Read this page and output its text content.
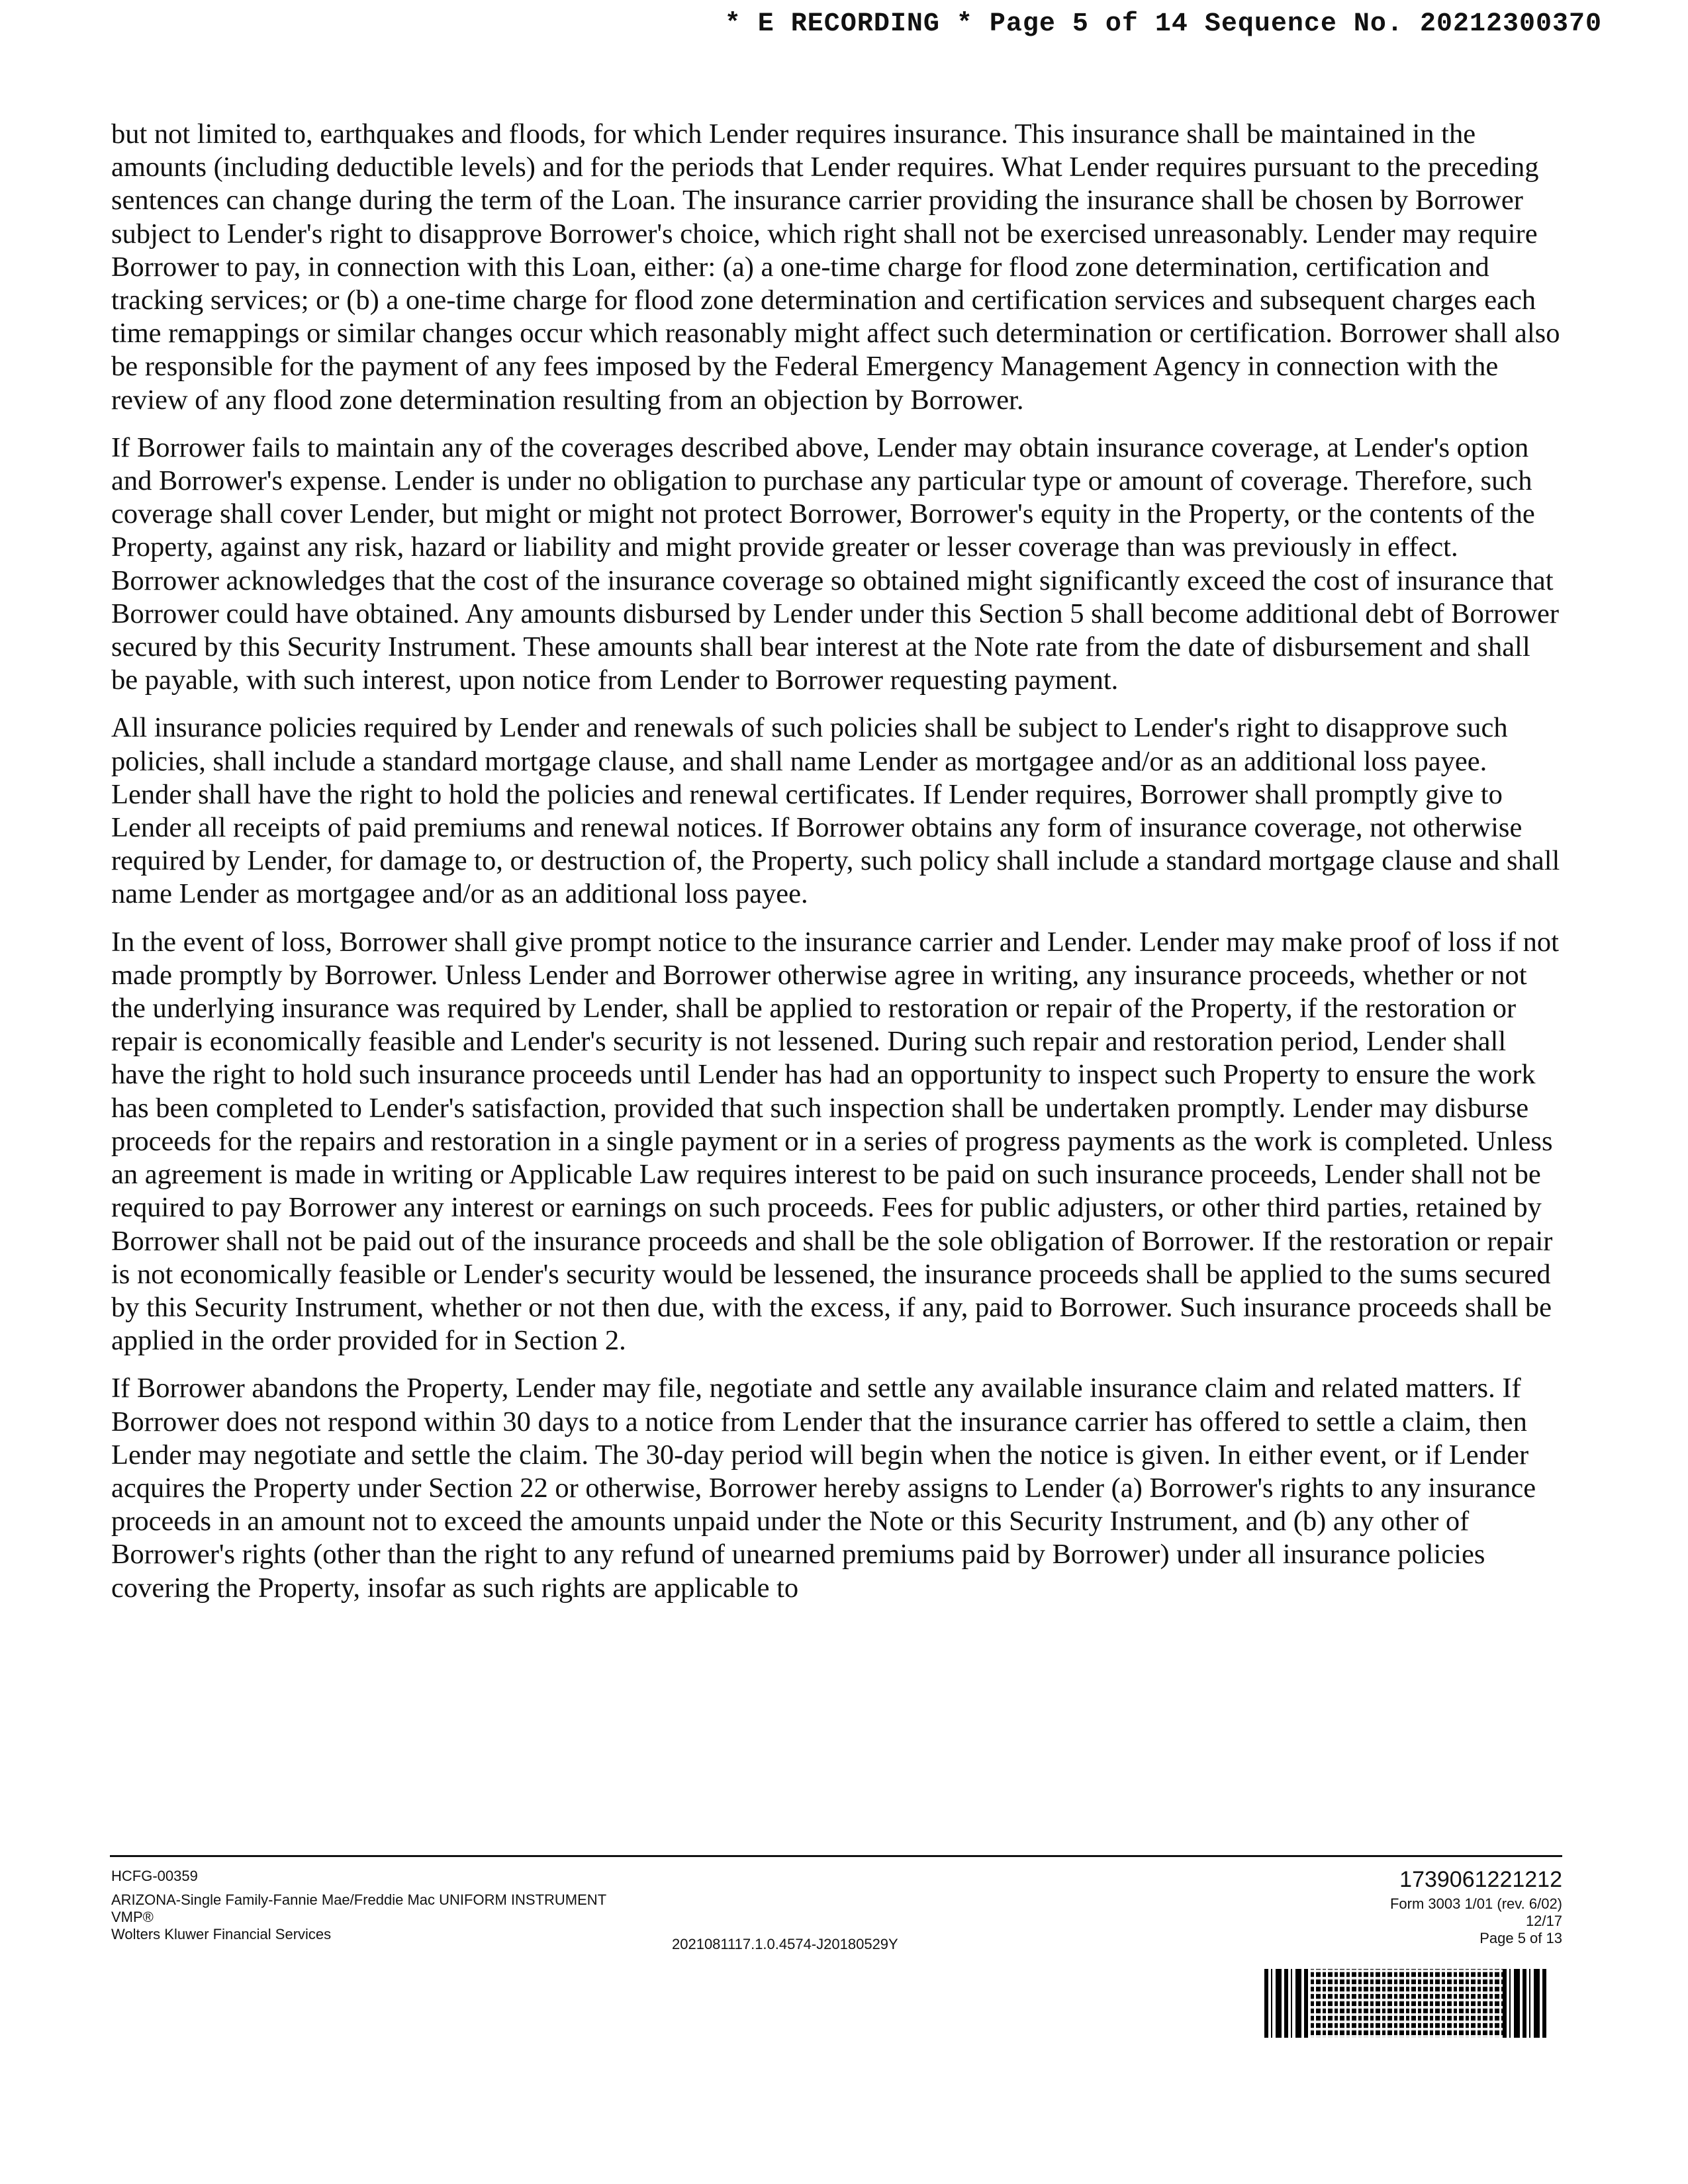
* E RECORDING * Page 5 of 14 Sequence No. 20212300370

but not limited to, earthquakes and floods, for which Lender requires insurance. This insurance shall be maintained in the amounts (including deductible levels) and for the periods that Lender requires. What Lender requires pursuant to the preceding sentences can change during the term of the Loan. The insurance carrier providing the insurance shall be chosen by Borrower subject to Lender's right to disapprove Borrower's choice, which right shall not be exercised unreasonably. Lender may require Borrower to pay, in connection with this Loan, either: (a) a one-time charge for flood zone determination, certification and tracking services; or (b) a one-time charge for flood zone determination and certification services and subsequent charges each time remappings or similar changes occur which reasonably might affect such determination or certification. Borrower shall also be responsible for the payment of any fees imposed by the Federal Emergency Management Agency in connection with the review of any flood zone determination resulting from an objection by Borrower.

If Borrower fails to maintain any of the coverages described above, Lender may obtain insurance coverage, at Lender's option and Borrower's expense. Lender is under no obligation to purchase any particular type or amount of coverage. Therefore, such coverage shall cover Lender, but might or might not protect Borrower, Borrower's equity in the Property, or the contents of the Property, against any risk, hazard or liability and might provide greater or lesser coverage than was previously in effect. Borrower acknowledges that the cost of the insurance coverage so obtained might significantly exceed the cost of insurance that Borrower could have obtained. Any amounts disbursed by Lender under this Section 5 shall become additional debt of Borrower secured by this Security Instrument. These amounts shall bear interest at the Note rate from the date of disbursement and shall be payable, with such interest, upon notice from Lender to Borrower requesting payment.

All insurance policies required by Lender and renewals of such policies shall be subject to Lender's right to disapprove such policies, shall include a standard mortgage clause, and shall name Lender as mortgagee and/or as an additional loss payee. Lender shall have the right to hold the policies and renewal certificates. If Lender requires, Borrower shall promptly give to Lender all receipts of paid premiums and renewal notices. If Borrower obtains any form of insurance coverage, not otherwise required by Lender, for damage to, or destruction of, the Property, such policy shall include a standard mortgage clause and shall name Lender as mortgagee and/or as an additional loss payee.

In the event of loss, Borrower shall give prompt notice to the insurance carrier and Lender. Lender may make proof of loss if not made promptly by Borrower. Unless Lender and Borrower otherwise agree in writing, any insurance proceeds, whether or not the underlying insurance was required by Lender, shall be applied to restoration or repair of the Property, if the restoration or repair is economically feasible and Lender's security is not lessened. During such repair and restoration period, Lender shall have the right to hold such insurance proceeds until Lender has had an opportunity to inspect such Property to ensure the work has been completed to Lender's satisfaction, provided that such inspection shall be undertaken promptly. Lender may disburse proceeds for the repairs and restoration in a single payment or in a series of progress payments as the work is completed. Unless an agreement is made in writing or Applicable Law requires interest to be paid on such insurance proceeds, Lender shall not be required to pay Borrower any interest or earnings on such proceeds. Fees for public adjusters, or other third parties, retained by Borrower shall not be paid out of the insurance proceeds and shall be the sole obligation of Borrower. If the restoration or repair is not economically feasible or Lender's security would be lessened, the insurance proceeds shall be applied to the sums secured by this Security Instrument, whether or not then due, with the excess, if any, paid to Borrower. Such insurance proceeds shall be applied in the order provided for in Section 2.

If Borrower abandons the Property, Lender may file, negotiate and settle any available insurance claim and related matters. If Borrower does not respond within 30 days to a notice from Lender that the insurance carrier has offered to settle a claim, then Lender may negotiate and settle the claim. The 30-day period will begin when the notice is given. In either event, or if Lender acquires the Property under Section 22 or otherwise, Borrower hereby assigns to Lender (a) Borrower's rights to any insurance proceeds in an amount not to exceed the amounts unpaid under the Note or this Security Instrument, and (b) any other of Borrower's rights (other than the right to any refund of unearned premiums paid by Borrower) under all insurance policies covering the Property, insofar as such rights are applicable to

HCFG-00359
ARIZONA-Single Family-Fannie Mae/Freddie Mac UNIFORM INSTRUMENT
VMP®
Wolters Kluwer Financial Services
2021081117.1.0.4574-J20180529Y
1739061221212
Form 3003 1/01 (rev. 6/02)
12/17
Page 5 of 13
